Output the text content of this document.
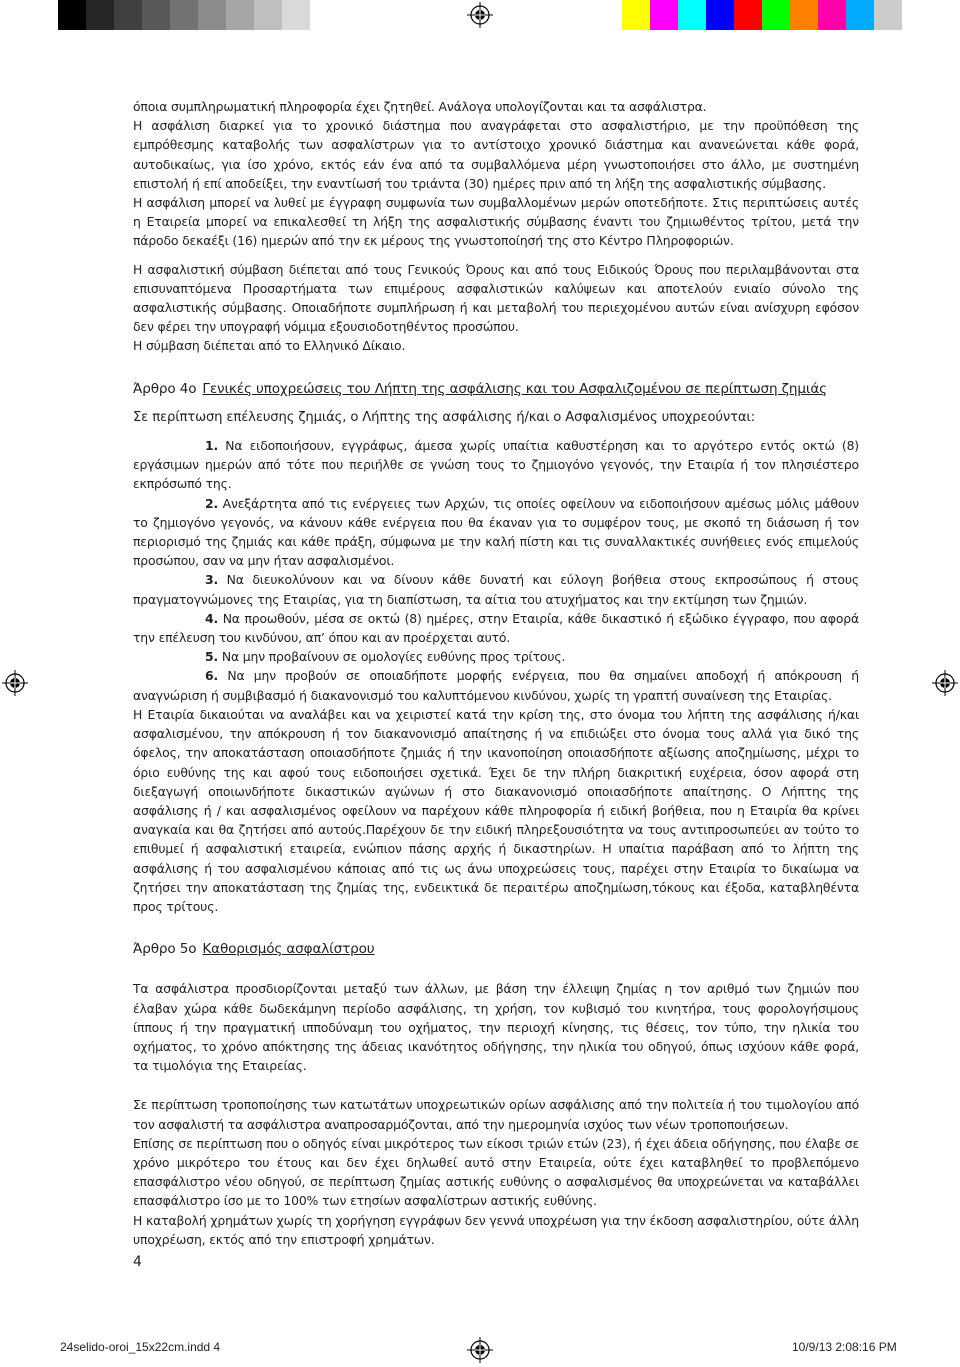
όποια συμπληρωματική πληροφορία έχει ζητηθεί. Ανάλογα υπολογίζονται και τα ασφάλιστρα.

Η ασφάλιση διαρκεί για το χρονικό διάστημα που αναγράφεται στο ασφαλιστήριο, με την προϋπόθεση της εμπρόθεσμης καταβολής των ασφαλίστρων για το αντίστοιχο χρονικό διάστημα και ανανεώνεται κάθε φορά, αυτοδικαίως, για ίσο χρόνο, εκτός εάν ένα από τα συμβαλλόμενα μέρη γνωστοποιήσει στο άλλο, με συστημένη επιστολή ή επί αποδείξει, την εναντίωσή του τριάντα (30) ημέρες πριν από τη λήξη της ασφαλιστικής σύμβασης.

Η ασφάλιση μπορεί να λυθεί με έγγραφη συμφωνία των συμβαλλομένων μερών οποτεδήποτε. Στις περιπτώσεις αυτές η Εταιρεία μπορεί να επικαλεσθεί τη λήξη της ασφαλιστικής σύμβασης έναντι του ζημιωθέντος τρίτου, μετά την πάροδο δεκαέξι (16) ημερών από την εκ μέρους της γνωστοποίησή της στο Κέντρο Πληροφοριών.

Η ασφαλιστική σύμβαση διέπεται από τους Γενικούς Όρους και από τους Ειδικούς Όρους που περιλαμβάνονται στα επισυναπτόμενα Προσαρτήματα των επιμέρους ασφαλιστικών καλύψεων και αποτελούν ενιαίο σύνολο της ασφαλιστικής σύμβασης. Οποιαδήποτε συμπλήρωση ή και μεταβολή του περιεχομένου αυτών είναι ανίσχυρη εφόσον δεν φέρει την υπογραφή νόμιμα εξουσιοδοτηθέντος προσώπου.

Η σύμβαση διέπεται από το Ελληνικό Δίκαιο.

Άρθρο 4ο Γενικές υποχρεώσεις του Λήπτη της ασφάλισης και του Ασφαλιζομένου σε περίπτωση ζημιάς

Σε περίπτωση επέλευσης ζημιάς, ο Λήπτης της ασφάλισης ή/και ο Ασφαλισμένος υποχρεούνται:

1. Να ειδοποιήσουν, εγγράφως, άμεσα χωρίς υπαίτια καθυστέρηση και το αργότερο εντός οκτώ (8) εργάσιμων ημερών από τότε που περιήλθε σε γνώση τους το ζημιογόνο γεγονός, την Εταιρία ή τον πλησιέστερο εκπρόσωπό της.

2. Ανεξάρτητα από τις ενέργειες των Αρχών, τις οποίες οφείλουν να ειδοποιήσουν αμέσως μόλις μάθουν το ζημιογόνο γεγονός, να κάνουν κάθε ενέργεια που θα έκαναν για το συμφέρον τους, με σκοπό τη διάσωση ή τον περιορισμό της ζημιάς και κάθε πράξη, σύμφωνα με την καλή πίστη και τις συναλλακτικές συνήθειες ενός επιμελούς προσώπου, σαν να μην ήταν ασφαλισμένοι.

3. Να διευκολύνουν και να δίνουν κάθε δυνατή και εύλογη βοήθεια στους εκπροσώπους ή στους πραγματογνώμονες της Εταιρίας, για τη διαπίστωση, τα αίτια του ατυχήματος και την εκτίμηση των ζημιών.

4. Να προωθούν, μέσα σε οκτώ (8) ημέρες, στην Εταιρία, κάθε δικαστικό ή εξώδικο έγγραφο, που αφορά την επέλευση του κινδύνου, απ’ όπου και αν προέρχεται αυτό.

5. Να μην προβαίνουν σε ομολογίες ευθύνης προς τρίτους.

6. Να μην προβούν σε οποιαδήποτε μορφής ενέργεια, που θα σημαίνει αποδοχή ή απόκρουση ή αναγνώριση ή συμβιβασμό ή διακανονισμό του καλυπτόμενου κινδύνου, χωρίς τη γραπτή συναίνεση της Εταιρίας.

Η Εταιρία δικαιούται να αναλάβει και να χειριστεί κατά την κρίση της, στο όνομα του λήπτη της ασφάλισης ή/και ασφαλισμένου, την απόκρουση ή τον διακανονισμό απαίτησης ή να επιδιώξει στο όνομα τους αλλά για δικό της όφελος, την αποκατάσταση οποιασδήποτε ζημιάς ή την ικανοποίηση οποιασδήποτε αξίωσης αποζημίωσης, μέχρι το όριο ευθύνης της και αφού τους ειδοποιήσει σχετικά. Έχει δε την πλήρη διακριτική ευχέρεια, όσον αφορά στη διεξαγωγή οποιωνδήποτε δικαστικών αγώνων ή στο διακανονισμό οποιασδήποτε απαίτησης. Ο Λήπτης της ασφάλισης ή / και ασφαλισμένος οφείλουν να παρέχουν κάθε πληροφορία ή ειδική βοήθεια, που η Εταιρία θα κρίνει αναγκαία και θα ζητήσει από αυτούς.Παρέχουν δε την ειδική πληρεξουσιότητα να τους αντιπροσωπεύει αν τούτο το επιθυμεί ή ασφαλιστική εταιρεία, ενώπιον πάσης αρχής ή δικαστηρίων. Η υπαίτια παράβαση από το λήπτη της ασφάλισης ή του ασφαλισμένου κάποιας από τις ως άνω υποχρεώσεις τους, παρέχει στην Εταιρία το δικαίωμα να ζητήσει την αποκατάσταση της ζημίας της, ενδεικτικά δε περαιτέρω αποζημίωση,τόκους και έξοδα, καταβληθέντα προς τρίτους.

Άρθρο 5ο Καθορισμός ασφαλίστρου

Τα ασφάλιστρα προσδιορίζονται μεταξύ των άλλων, με βάση την έλλειψη ζημίας η τον αριθμό των ζημιών που έλαβαν χώρα κάθε δωδεκάμηνη περίοδο ασφάλισης, τη χρήση, τον κυβισμό του κινητήρα, τους φορολογήσιμους ίππους ή την πραγματική ιπποδύναμη του οχήματος, την περιοχή κίνησης, τις θέσεις, τον τύπο, την ηλικία του οχήματος, το χρόνο απόκτησης της άδειας ικανότητος οδήγησης, την ηλικία του οδηγού, όπως ισχύουν κάθε φορά, τα τιμολόγια της Εταιρείας.

Σε περίπτωση τροποποίησης των κατωτάτων υποχρεωτικών ορίων ασφάλισης από την πολιτεία ή του τιμολογίου από τον ασφαλιστή τα ασφάλιστρα αναπροσαρμόζονται, από την ημερομηνία ισχύος των νέων τροποποιήσεων.

Επίσης σε περίπτωση που ο οδηγός είναι μικρότερος των είκοσι τριών ετών (23), ή έχει άδεια οδήγησης, που έλαβε σε χρόνο μικρότερο του έτους και δεν έχει δηλωθεί αυτό στην Εταιρεία, ούτε έχει καταβληθεί το προβλεπόμενο επασφάλιστρο νέου οδηγού, σε περίπτωση ζημίας αστικής ευθύνης ο ασφαλισμένος θα υποχρεώνεται να καταβάλλει επασφάλιστρο ίσο με το 100% των ετησίων ασφαλίστρων αστικής ευθύνης.

Η καταβολή χρημάτων χωρίς τη χορήγηση εγγράφων δεν γεννά υποχρέωση για την έκδοση ασφαλιστηρίου, ούτε άλλη υποχρέωση, εκτός από την επιστροφή χρημάτων.

4
24selido-oroi_15x22cm.indd 4	10/9/13 2:08:16 PM
